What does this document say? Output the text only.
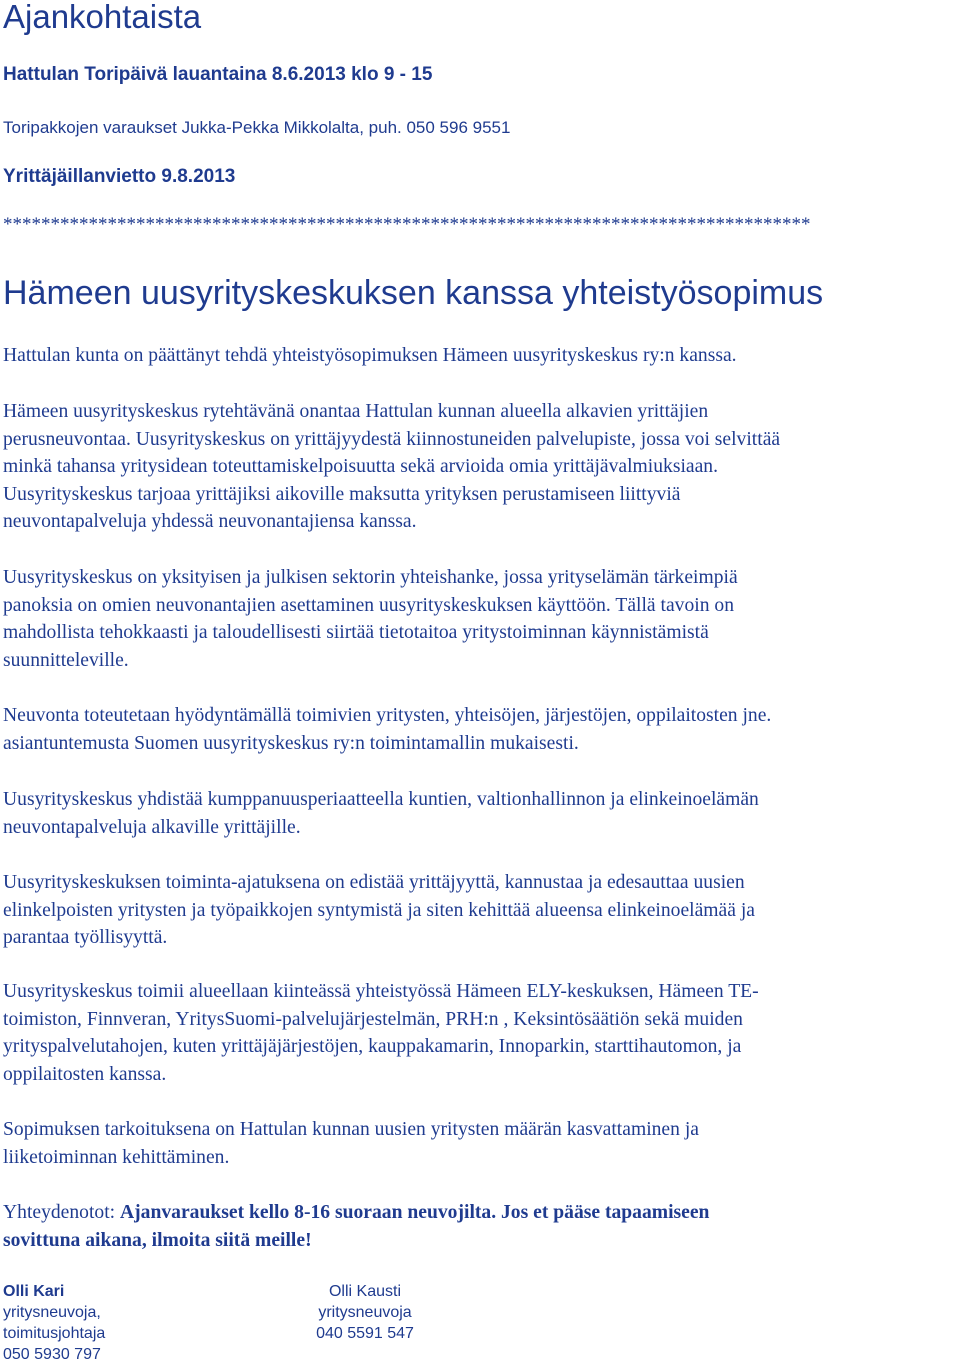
Ajankohtaista
Hattulan Toripäivä lauantaina 8.6.2013 klo 9 - 15
Toripakkojen varaukset Jukka-Pekka Mikkolalta, puh. 050 596 9551
Yrittäjäillanvietto 9.8.2013
*************************************************************************************
Hämeen uusyrityskeskuksen kanssa yhteistyösopimus
Hattulan kunta on päättänyt tehdä yhteistyösopimuksen Hämeen uusyrityskeskus ry:n kanssa.
Hämeen uusyrityskeskus rytehtävänä onantaa Hattulan kunnan alueella alkavien yrittäjien
perusneuvontaa. Uusyrityskeskus on yrittäjyydestä kiinnostuneiden palvelupiste, jossa voi selvittää
minkä tahansa yritysidean toteuttamiskelpoisuutta sekä arvioida omia yrittäjävalmiuksiaan.
Uusyrityskeskus tarjoaa yrittäjiksi aikoville maksutta yrityksen perustamiseen liittyviä
neuvontapalveluja yhdessä neuvonantajiensa kanssa.
Uusyrityskeskus on yksityisen ja julkisen sektorin yhteishanke, jossa yrityselämän tärkeimpiä
panoksia on omien neuvonantajien asettaminen uusyrityskeskuksen käyttöön. Tällä tavoin on
mahdollista tehokkaasti ja taloudellisesti siirtää tietotaitoa yritystoiminnan käynnistämistä
suunnitteleville.
Neuvonta toteutetaan hyödyntämällä toimivien yritysten, yhteisöjen, järjestöjen, oppilaitosten jne.
asiantuntemusta Suomen uusyrityskeskus ry:n toimintamallin mukaisesti.
Uusyrityskeskus yhdistää kumppanuusperiaatteella kuntien, valtionhallinnon ja elinkeinoelämän
neuvontapalveluja alkaville yrittäjille.
Uusyrityskeskuksen toiminta-ajatuksena on edistää yrittäjyyttä, kannustaa ja edesauttaa uusien
elinkelpoisten yritysten ja työpaikkojen syntymistä ja siten kehittää alueensa elinkeinoelämää ja
parantaa työllisyyttä.
Uusyrityskeskus toimii alueellaan kiinteässä yhteistyössä Hämeen ELY-keskuksen, Hämeen TE-
toimiston, Finnveran, YritysSuomi-palvelujärjestelmän, PRH:n , Keksintösäätiön sekä muiden
yrityspalvelutahojen, kuten yrittäjäjärjestöjen, kauppakamarin, Innoparkin, starttihautomon, ja
oppilaitosten kanssa.
Sopimuksen tarkoituksena on Hattulan kunnan uusien yritysten määrän kasvattaminen ja
liiketoiminnan kehittäminen.
Yhteydenotot: Ajanvaraukset kello 8-16 suoraan neuvojilta. Jos et pääse tapaamiseen
sovittuna aikana, ilmoita siitä meille!
Olli Kari
yritysneuvoja,
toimitusjohtaja
050 5930 797
Olli Kausti
yritysneuvoja
040 5591 547
